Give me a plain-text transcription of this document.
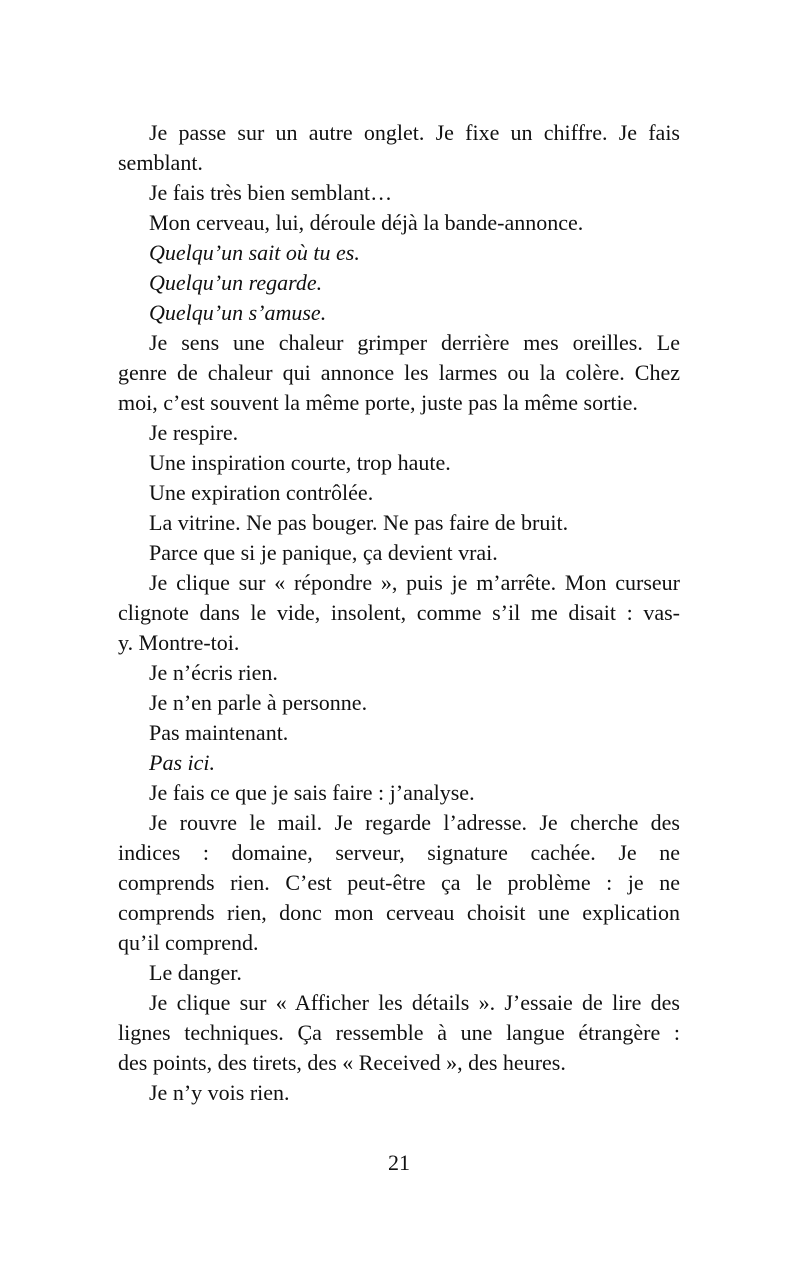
Je passe sur un autre onglet. Je fixe un chiffre. Je fais
semblant.
Je fais très bien semblant…
Mon cerveau, lui, déroule déjà la bande-annonce.
Quelqu’un sait où tu es.
Quelqu’un regarde.
Quelqu’un s’amuse.
Je sens une chaleur grimper derrière mes oreilles. Le
genre de chaleur qui annonce les larmes ou la colère. Chez
moi, c’est souvent la même porte, juste pas la même sortie.
Je respire.
Une inspiration courte, trop haute.
Une expiration contrôlée.
La vitrine. Ne pas bouger. Ne pas faire de bruit.
Parce que si je panique, ça devient vrai.
Je clique sur « répondre », puis je m’arrête. Mon curseur
clignote dans le vide, insolent, comme s’il me disait : vas-
y. Montre-toi.
Je n’écris rien.
Je n’en parle à personne.
Pas maintenant.
Pas ici.
Je fais ce que je sais faire : j’analyse.
Je rouvre le mail. Je regarde l’adresse. Je cherche des
indices : domaine, serveur, signature cachée. Je ne
comprends rien. C’est peut-être ça le problème : je ne
comprends rien, donc mon cerveau choisit une explication
qu’il comprend.
Le danger.
Je clique sur « Afficher les détails ». J’essaie de lire des
lignes techniques. Ça ressemble à une langue étrangère :
des points, des tirets, des « Received », des heures.
Je n’y vois rien.
21
